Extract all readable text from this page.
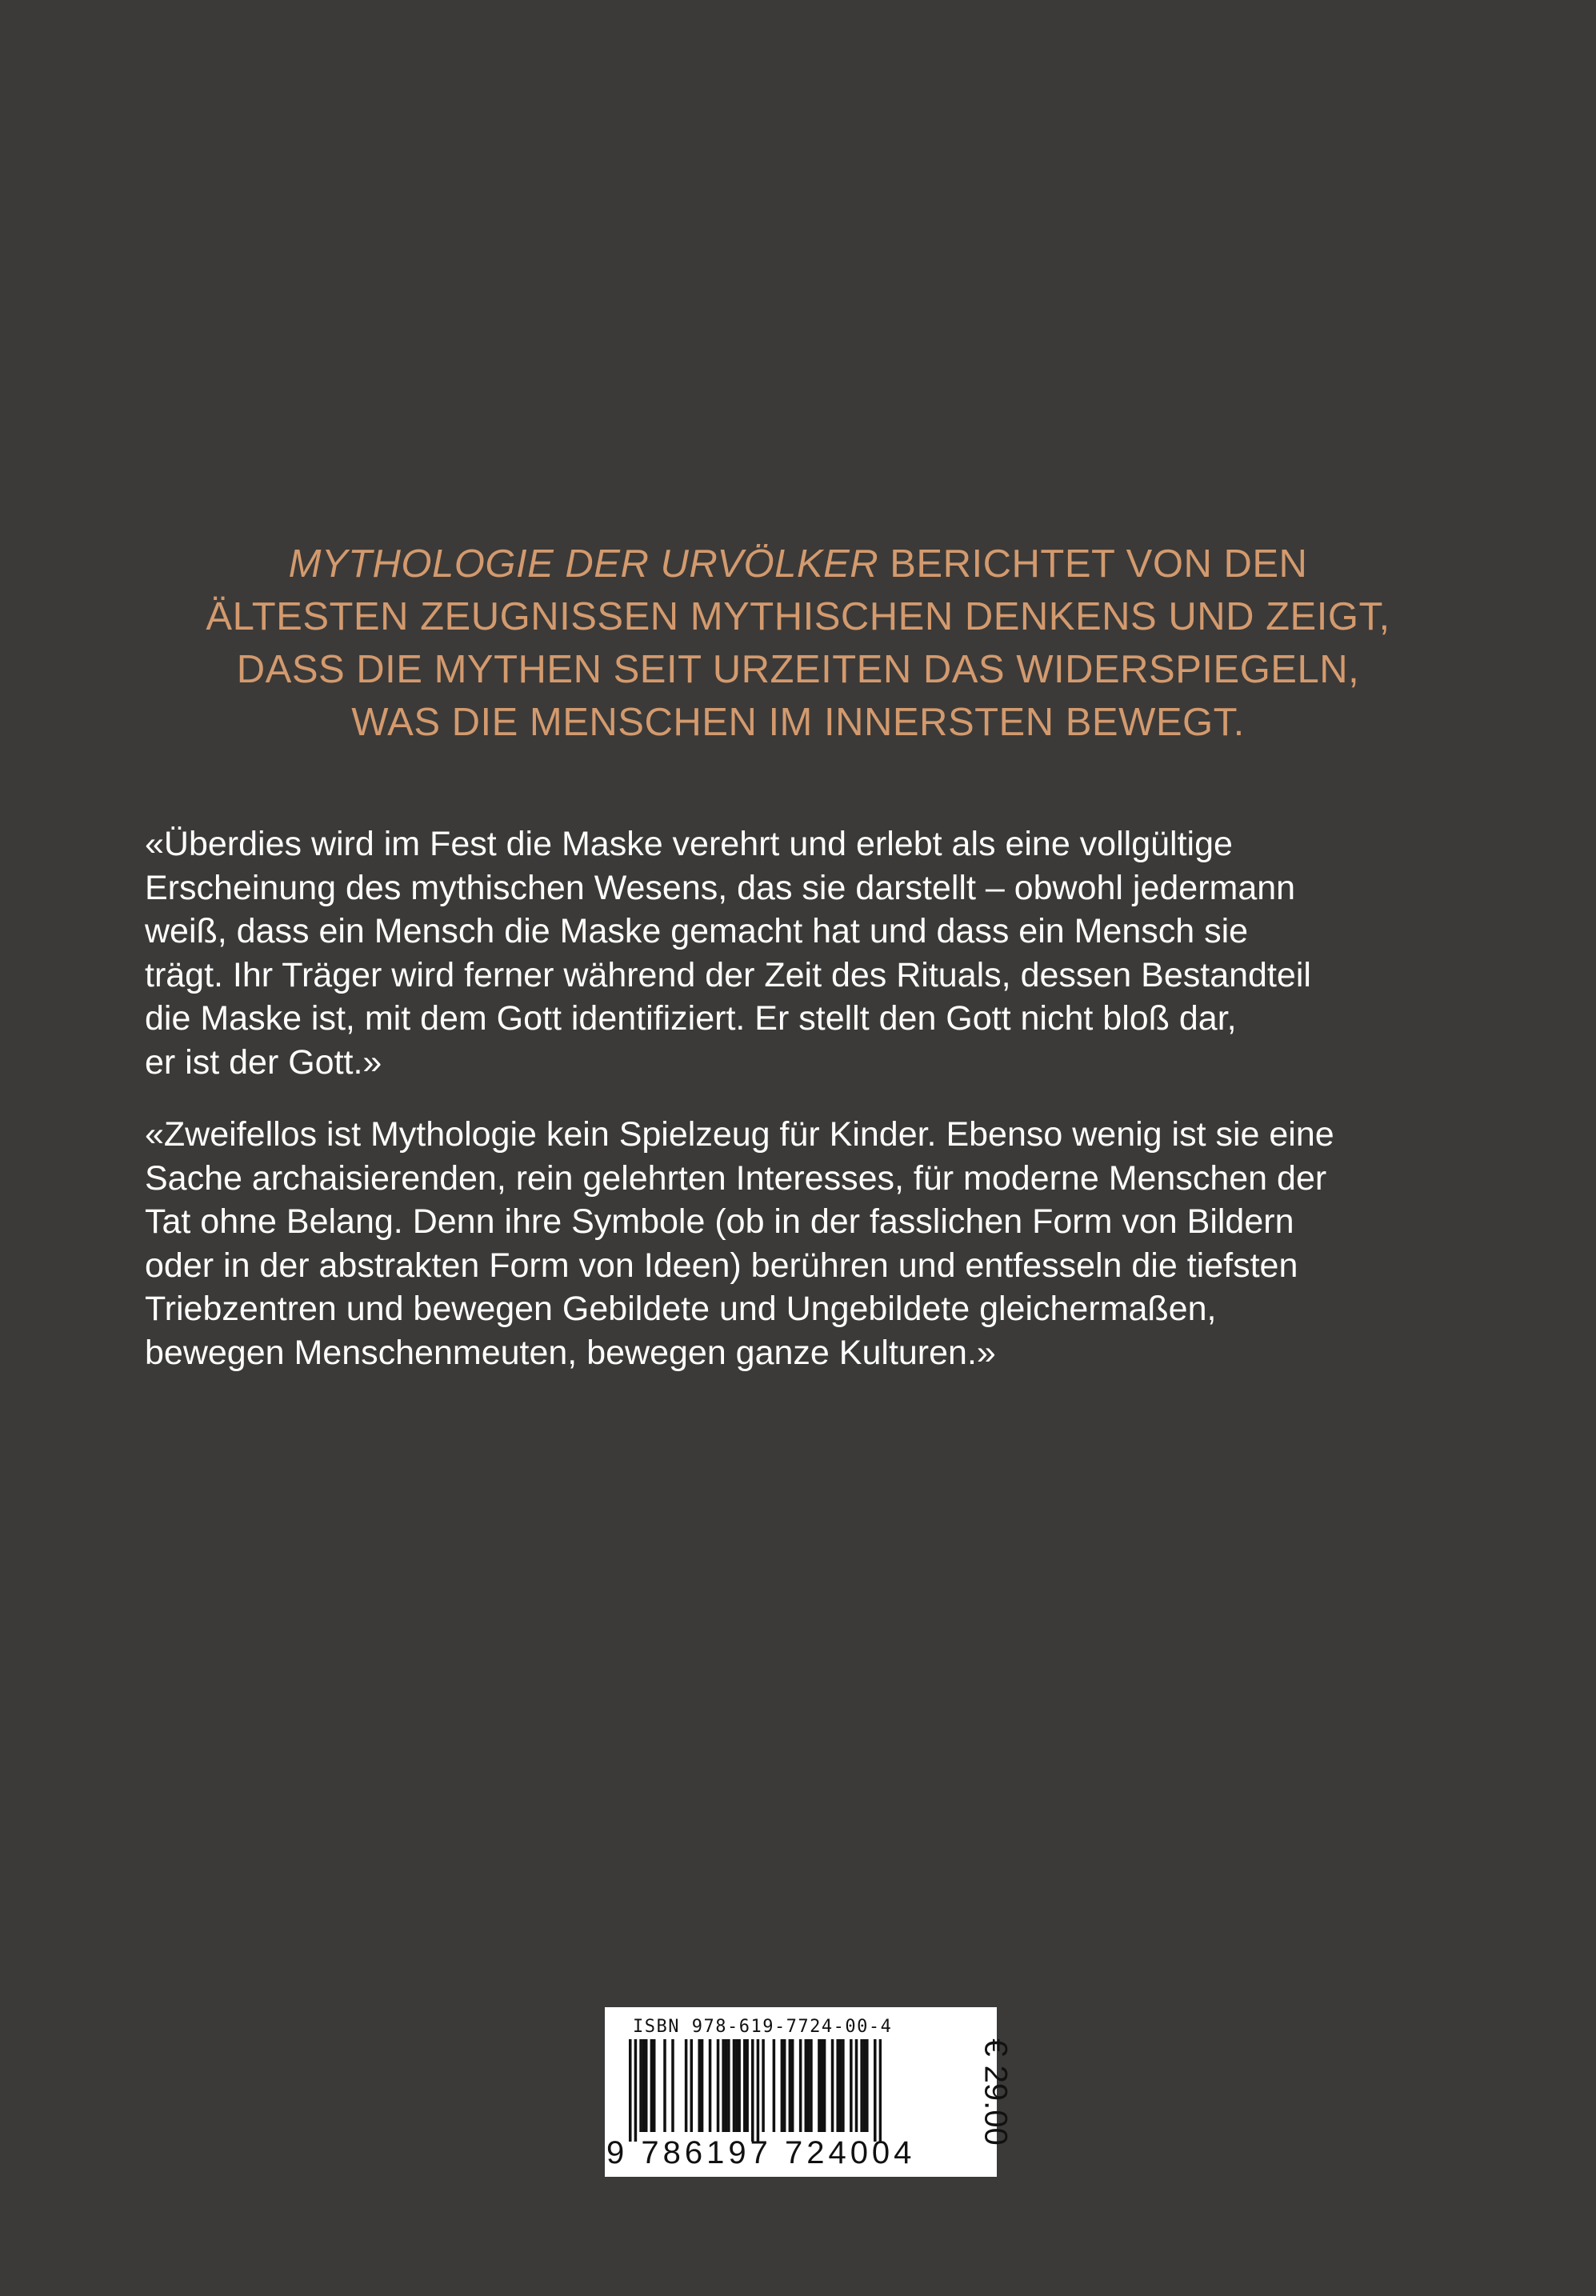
MYTHOLOGIE DER URVÖLKER BERICHTET VON DEN
ÄLTESTEN ZEUGNISSEN MYTHISCHEN DENKENS UND ZEIGT,
DASS DIE MYTHEN SEIT URZEITEN DAS WIDERSPIEGELN,
WAS DIE MENSCHEN IM INNERSTEN BEWEGT.

«Überdies wird im Fest die Maske verehrt und erlebt als eine vollgültige
Erscheinung des mythischen Wesens, das sie darstellt – obwohl jedermann
weiß, dass ein Mensch die Maske gemacht hat und dass ein Mensch sie
trägt. Ihr Träger wird ferner während der Zeit des Rituals, dessen Bestandteil
die Maske ist, mit dem Gott identifiziert. Er stellt den Gott nicht bloß dar,
er ist der Gott.»

«Zweifellos ist Mythologie kein Spielzeug für Kinder. Ebenso wenig ist sie eine
Sache archaisierenden, rein gelehrten Interesses, für moderne Menschen der
Tat ohne Belang. Denn ihre Symbole (ob in der fasslichen Form von Bildern
oder in der abstrakten Form von Ideen) berühren und entfesseln die tiefsten
Triebzentren und bewegen Gebildete und Ungebildete gleichermaßen,
bewegen Menschenmeuten, bewegen ganze Kulturen.»

ISBN 978-619-7724-00-4

9 786197 724004

€ 29.00
